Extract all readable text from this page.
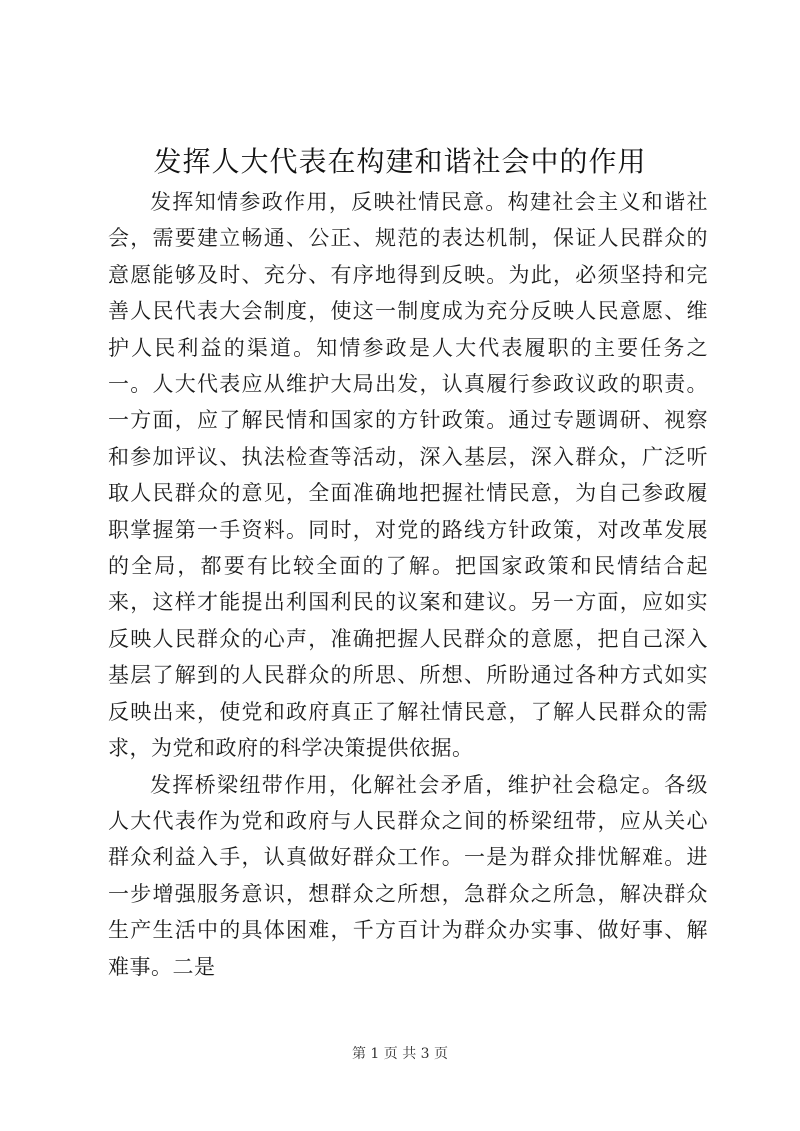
发挥人大代表在构建和谐社会中的作用

发挥知情参政作用，反映社情民意。构建社会主义和谐社会，需要建立畅通、公正、规范的表达机制，保证人民群众的意愿能够及时、充分、有序地得到反映。为此，必须坚持和完善人民代表大会制度，使这一制度成为充分反映人民意愿、维护人民利益的渠道。知情参政是人大代表履职的主要任务之一。人大代表应从维护大局出发，认真履行参政议政的职责。一方面，应了解民情和国家的方针政策。通过专题调研、视察和参加评议、执法检查等活动，深入基层，深入群众，广泛听取人民群众的意见，全面准确地把握社情民意，为自己参政履职掌握第一手资料。同时，对党的路线方针政策，对改革发展的全局，都要有比较全面的了解。把国家政策和民情结合起来，这样才能提出利国利民的议案和建议。另一方面，应如实反映人民群众的心声，准确把握人民群众的意愿，把自己深入基层了解到的人民群众的所思、所想、所盼通过各种方式如实反映出来，使党和政府真正了解社情民意，了解人民群众的需求，为党和政府的科学决策提供依据。

发挥桥梁纽带作用，化解社会矛盾，维护社会稳定。各级人大代表作为党和政府与人民群众之间的桥梁纽带，应从关心群众利益入手，认真做好群众工作。一是为群众排忧解难。进一步增强服务意识，想群众之所想，急群众之所急，解决群众生产生活中的具体困难，千方百计为群众办实事、做好事、解难事。二是

第 1 页 共 3 页
